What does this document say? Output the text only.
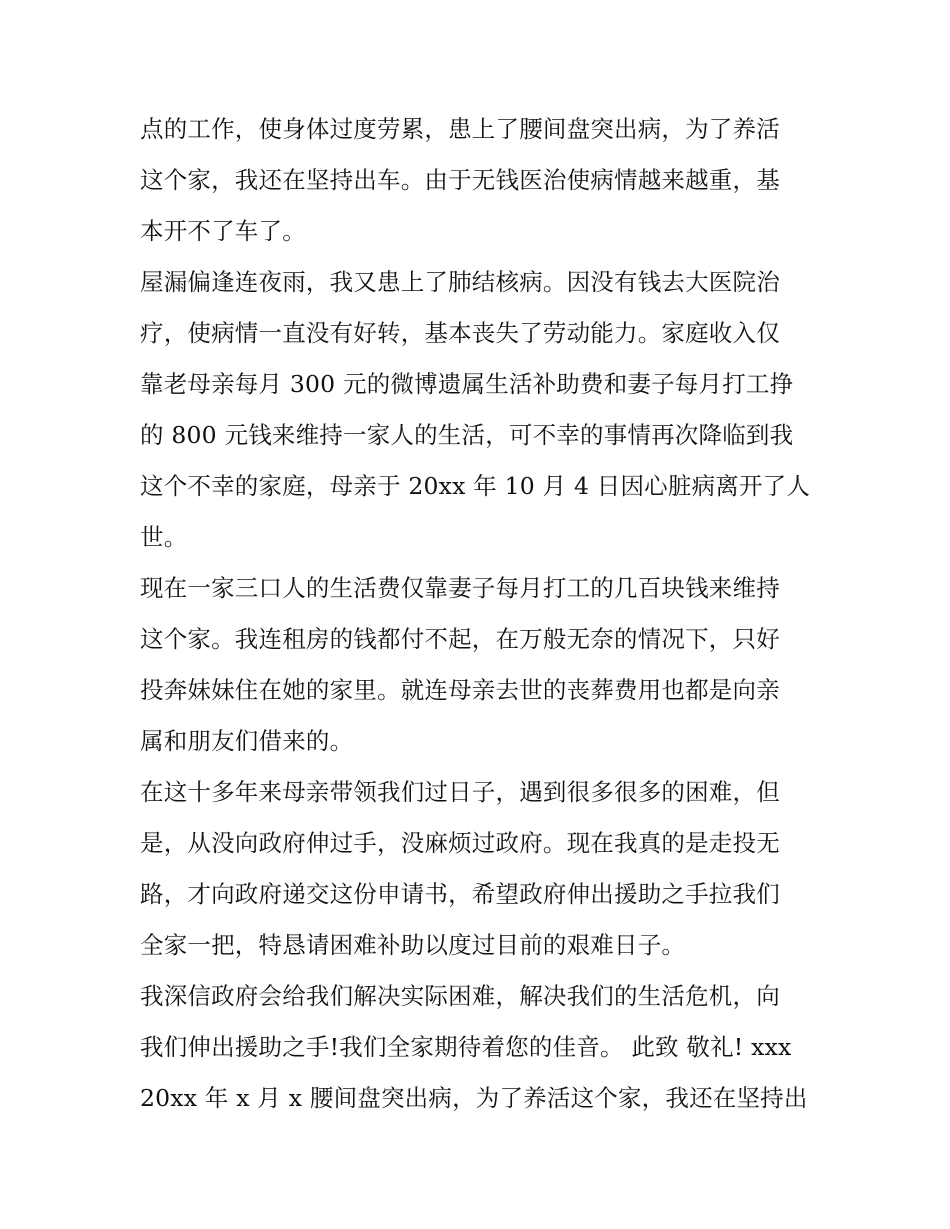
点的工作，使身体过度劳累，患上了腰间盘突出病，为了养活
这个家，我还在坚持出车。由于无钱医治使病情越来越重，基
本开不了车了。
屋漏偏逢连夜雨，我又患上了肺结核病。因没有钱去大医院治
疗，使病情一直没有好转，基本丧失了劳动能力。家庭收入仅
靠老母亲每月 300 元的微博遗属生活补助费和妻子每月打工挣
的 800 元钱来维持一家人的生活，可不幸的事情再次降临到我
这个不幸的家庭，母亲于 20xx 年 10 月 4 日因心脏病离开了人
世。
现在一家三口人的生活费仅靠妻子每月打工的几百块钱来维持
这个家。我连租房的钱都付不起，在万般无奈的情况下，只好
投奔妹妹住在她的家里。就连母亲去世的丧葬费用也都是向亲
属和朋友们借来的。
在这十多年来母亲带领我们过日子，遇到很多很多的困难，但
是，从没向政府伸过手，没麻烦过政府。现在我真的是走投无
路，才向政府递交这份申请书，希望政府伸出援助之手拉我们
全家一把，特恳请困难补助以度过目前的艰难日子。
我深信政府会给我们解决实际困难，解决我们的生活危机，向
我们伸出援助之手!我们全家期待着您的佳音。 此致 敬礼! xxx
20xx 年 x 月 x 腰间盘突出病，为了养活这个家，我还在坚持出
